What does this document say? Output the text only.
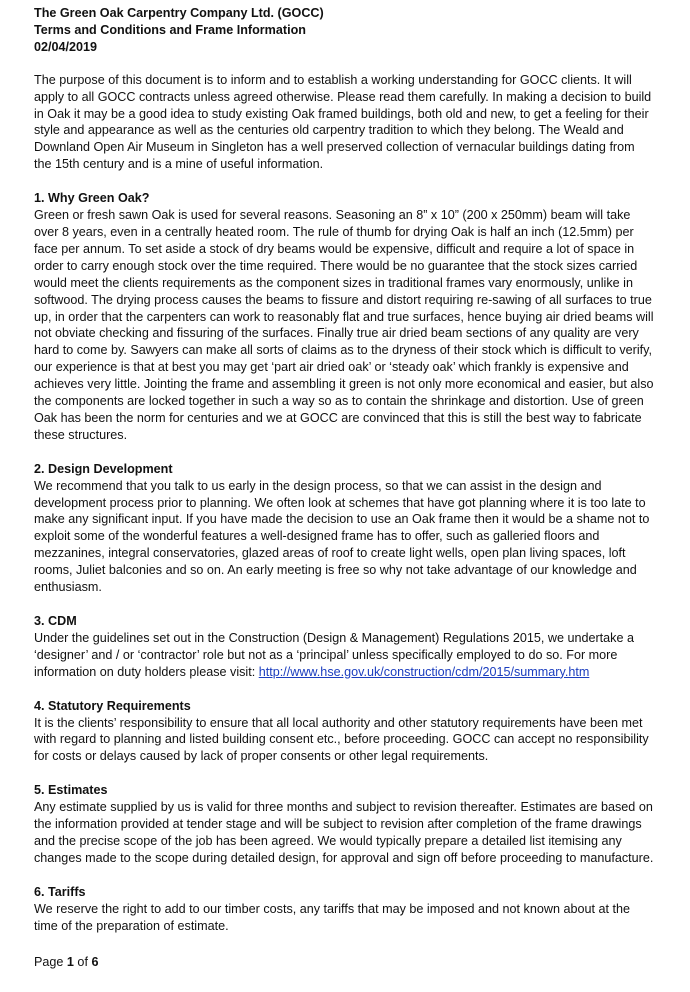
The Green Oak Carpentry Company Ltd. (GOCC)
Terms and Conditions and Frame Information
02/04/2019

The purpose of this document is to inform and to establish a working understanding for GOCC clients. It will apply to all GOCC contracts unless agreed otherwise. Please read them carefully. In making a decision to build in Oak it may be a good idea to study existing Oak framed buildings, both old and new, to get a feeling for their style and appearance as well as the centuries old carpentry tradition to which they belong. The Weald and Downland Open Air Museum in Singleton has a well preserved collection of vernacular buildings dating from the 15th century and is a mine of useful information.

1. Why Green Oak?

Green or fresh sawn Oak is used for several reasons. Seasoning an 8” x 10” (200 x 250mm) beam will take over 8 years, even in a centrally heated room. The rule of thumb for drying Oak is half an inch (12.5mm) per face per annum. To set aside a stock of dry beams would be expensive, difficult and require a lot of space in order to carry enough stock over the time required. There would be no guarantee that the stock sizes carried would meet the clients requirements as the component sizes in traditional frames vary enormously, unlike in softwood. The drying process causes the beams to fissure and distort requiring re-sawing of all surfaces to true up, in order that the carpenters can work to reasonably flat and true surfaces, hence buying air dried beams will not obviate checking and fissuring of the surfaces. Finally true air dried beam sections of any quality are very hard to come by. Sawyers can make all sorts of claims as to the dryness of their stock which is difficult to verify, our experience is that at best you may get ‘part air dried oak’ or ‘steady oak’ which frankly is expensive and achieves very little. Jointing the frame and assembling it green is not only more economical and easier, but also the components are locked together in such a way so as to contain the shrinkage and distortion. Use of green Oak has been the norm for centuries and we at GOCC are convinced that this is still the best way to fabricate these structures.

2. Design Development

We recommend that you talk to us early in the design process, so that we can assist in the design and development process prior to planning. We often look at schemes that have got planning where it is too late to make any significant input. If you have made the decision to use an Oak frame then it would be a shame not to exploit some of the wonderful features a well-designed frame has to offer, such as galleried floors and mezzanines, integral conservatories, glazed areas of roof to create light wells, open plan living spaces, loft rooms, Juliet balconies and so on. An early meeting is free so why not take advantage of our knowledge and enthusiasm.

3. CDM

Under the guidelines set out in the Construction (Design & Management) Regulations 2015, we undertake a ‘designer’ and / or ‘contractor’ role but not as a ‘principal’ unless specifically employed to do so. For more information on duty holders please visit: http://www.hse.gov.uk/construction/cdm/2015/summary.htm

4. Statutory Requirements

It is the clients’ responsibility to ensure that all local authority and other statutory requirements have been met with regard to planning and listed building consent etc., before proceeding. GOCC can accept no responsibility for costs or delays caused by lack of proper consents or other legal requirements.

5. Estimates

Any estimate supplied by us is valid for three months and subject to revision thereafter. Estimates are based on the information provided at tender stage and will be subject to revision after completion of the frame drawings and the precise scope of the job has been agreed. We would typically prepare a detailed list itemising any changes made to the scope during detailed design, for approval and sign off before proceeding to manufacture.

6. Tariffs

We reserve the right to add to our timber costs, any tariffs that may be imposed and not known about at the time of the preparation of estimate.

Page 1 of 6
